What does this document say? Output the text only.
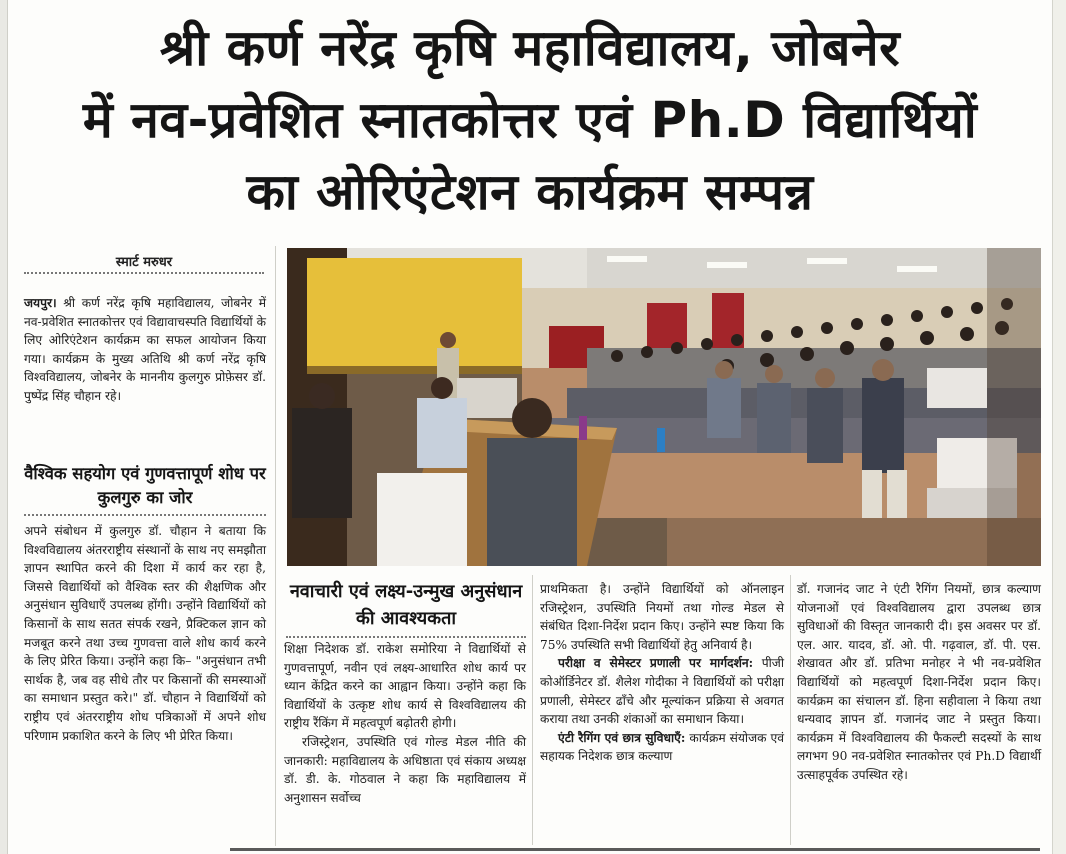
श्री कर्ण नरेंद्र कृषि महाविद्यालय, जोबनेर
में नव-प्रवेशित स्नातकोत्तर एवं Ph.D विद्यार्थियों
का ओरिएंटेशन कार्यक्रम सम्पन्न
स्मार्ट मरुधर

जयपुर। श्री कर्ण नरेंद्र कृषि महाविद्यालय, जोबनेर में नव-प्रवेशित स्नातकोत्तर एवं विद्यावाचस्पति विद्यार्थियों के लिए ओरिएंटेशन कार्यक्रम का सफल आयोजन किया गया। कार्यक्रम के मुख्य अतिथि श्री कर्ण नरेंद्र कृषि विश्वविद्यालय, जोबनेर के माननीय कुलगुरु प्रोफ़ेसर डॉ. पुष्पेंद्र सिंह चौहान रहे।

वैश्विक सहयोग एवं गुणवत्तापूर्ण शोध पर कुलगुरु का जोर

अपने संबोधन में कुलगुरु डॉ. चौहान ने बताया कि विश्वविद्यालय अंतरराष्ट्रीय संस्थानों के साथ नए समझौता ज्ञापन स्थापित करने की दिशा में कार्य कर रहा है, जिससे विद्यार्थियों को वैश्विक स्तर की शैक्षणिक और अनुसंधान सुविधाएँ उपलब्ध होंगी। उन्होंने विद्यार्थियों को किसानों के साथ सतत संपर्क रखने, प्रैक्टिकल ज्ञान को मजबूत करने तथा उच्च गुणवत्ता वाले शोध कार्य करने के लिए प्रेरित किया। उन्होंने कहा कि– "अनुसंधान तभी सार्थक है, जब वह सीधे तौर पर किसानों की समस्याओं का समाधान प्रस्तुत करे।" डॉ. चौहान ने विद्यार्थियों को राष्ट्रीय एवं अंतरराष्ट्रीय शोध पत्रिकाओं में अपने शोध परिणाम प्रकाशित करने के लिए भी प्रेरित किया।

नवाचारी एवं लक्ष्य-उन्मुख अनुसंधान की आवश्यकता

शिक्षा निदेशक डॉ. राकेश समोरिया ने विद्यार्थियों से गुणवत्तापूर्ण, नवीन एवं लक्ष्य-आधारित शोध कार्य पर ध्यान केंद्रित करने का आह्वान किया। उन्होंने कहा कि विद्यार्थियों के उत्कृष्ट शोध कार्य से विश्वविद्यालय की राष्ट्रीय रैंकिंग में महत्वपूर्ण बढ़ोतरी होगी।

रजिस्ट्रेशन, उपस्थिति एवं गोल्ड मेडल नीति की जानकारी: महाविद्यालय के अधिष्ठाता एवं संकाय अध्यक्ष डॉ. डी. के. गोठवाल ने कहा कि महाविद्यालय में अनुशासन सर्वोच्च

प्राथमिकता है। उन्होंने विद्यार्थियों को ऑनलाइन रजिस्ट्रेशन, उपस्थिति नियमों तथा गोल्ड मेडल से संबंधित दिशा-निर्देश प्रदान किए। उन्होंने स्पष्ट किया कि 75% उपस्थिति सभी विद्यार्थियों हेतु अनिवार्य है।

परीक्षा व सेमेस्टर प्रणाली पर मार्गदर्शन: पीजी कोऑर्डिनेटर डॉ. शैलेश गोदीका ने विद्यार्थियों को परीक्षा प्रणाली, सेमेस्टर ढाँचे और मूल्यांकन प्रक्रिया से अवगत कराया तथा उनकी शंकाओं का समाधान किया।

एंटी रैगिंग एवं छात्र सुविधाएँ: कार्यक्रम संयोजक एवं सहायक निदेशक छात्र कल्याण

डॉ. गजानंद जाट ने एंटी रैगिंग नियमों, छात्र कल्याण योजनाओं एवं विश्वविद्यालय द्वारा उपलब्ध छात्र सुविधाओं की विस्तृत जानकारी दी। इस अवसर पर डॉ. एल. आर. यादव, डॉ. ओ. पी. गढ़वाल, डॉ. पी. एस. शेखावत और डॉ. प्रतिभा मनोहर ने भी नव-प्रवेशित विद्यार्थियों को महत्वपूर्ण दिशा-निर्देश प्रदान किए। कार्यक्रम का संचालन डॉ. हिना सहीवाला ने किया तथा धन्यवाद ज्ञापन डॉ. गजानंद जाट ने प्रस्तुत किया। कार्यक्रम में विश्वविद्यालय की फैकल्टी सदस्यों के साथ लगभग 90 नव-प्रवेशित स्नातकोत्तर एवं Ph.D विद्यार्थी उत्साहपूर्वक उपस्थित रहे।
